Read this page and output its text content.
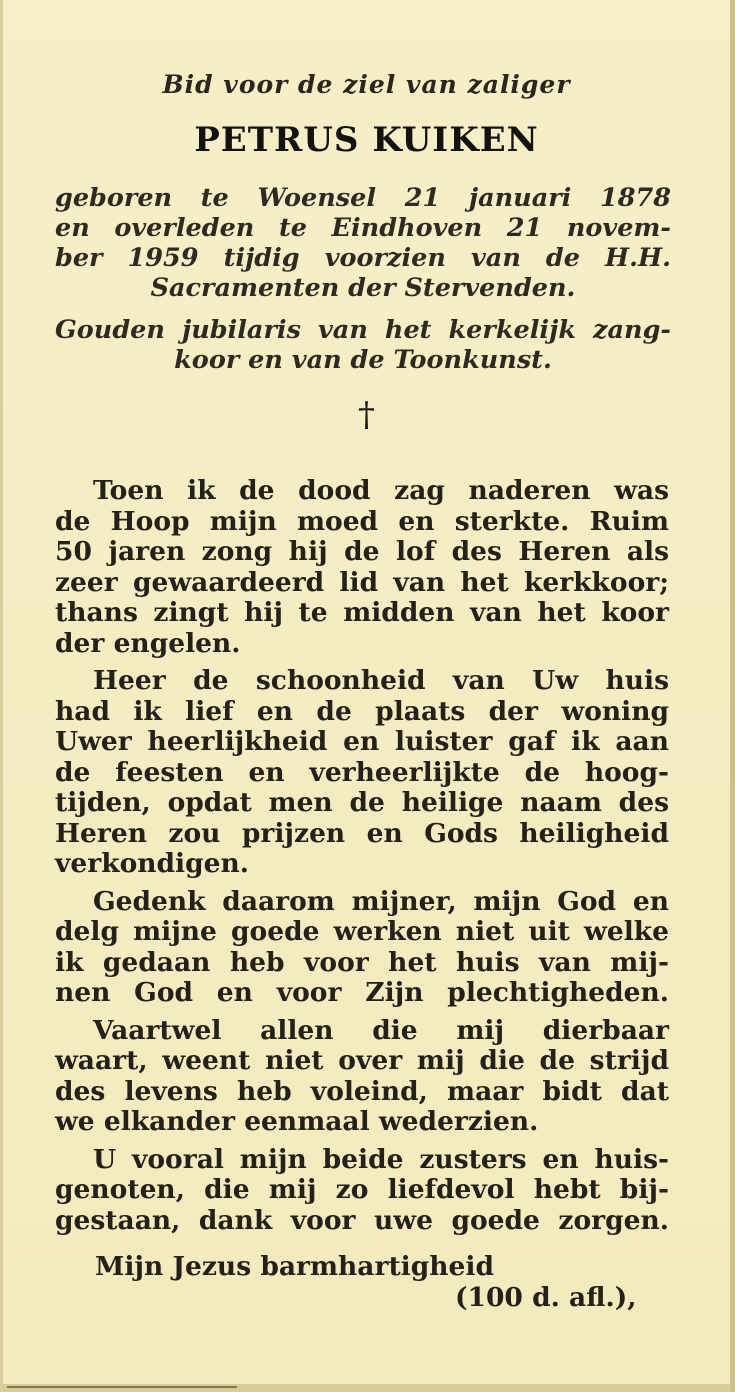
Bid voor de ziel van zaliger
PETRUS KUIKEN
geboren te Woensel 21 januari 1878
en overleden te Eindhoven 21 novem-
ber 1959 tijdig voorzien van de H.H.
Sacramenten der Stervenden.
Gouden jubilaris van het kerkelijk zang-
koor en van de Toonkunst.
†

Toen ik de dood zag naderen was
de Hoop mijn moed en sterkte. Ruim
50 jaren zong hij de lof des Heren als
zeer gewaardeerd lid van het kerkkoor;
thans zingt hij te midden van het koor
der engelen.

Heer de schoonheid van Uw huis
had ik lief en de plaats der woning
Uwer heerlijkheid en luister gaf ik aan
de feesten en verheerlijkte de hoog-
tijden, opdat men de heilige naam des
Heren zou prijzen en Gods heiligheid
verkondigen.

Gedenk daarom mijner, mijn God en
delg mijne goede werken niet uit welke
ik gedaan heb voor het huis van mij-
nen God en voor Zijn plechtigheden.

Vaartwel allen die mij dierbaar
waart, weent niet over mij die de strijd
des levens heb voleind, maar bidt dat
we elkander eenmaal wederzien.

U vooral mijn beide zusters en huis-
genoten, die mij zo liefdevol hebt bij-
gestaan, dank voor uwe goede zorgen.

Mijn Jezus barmhartigheid
(100 d. afl.),
